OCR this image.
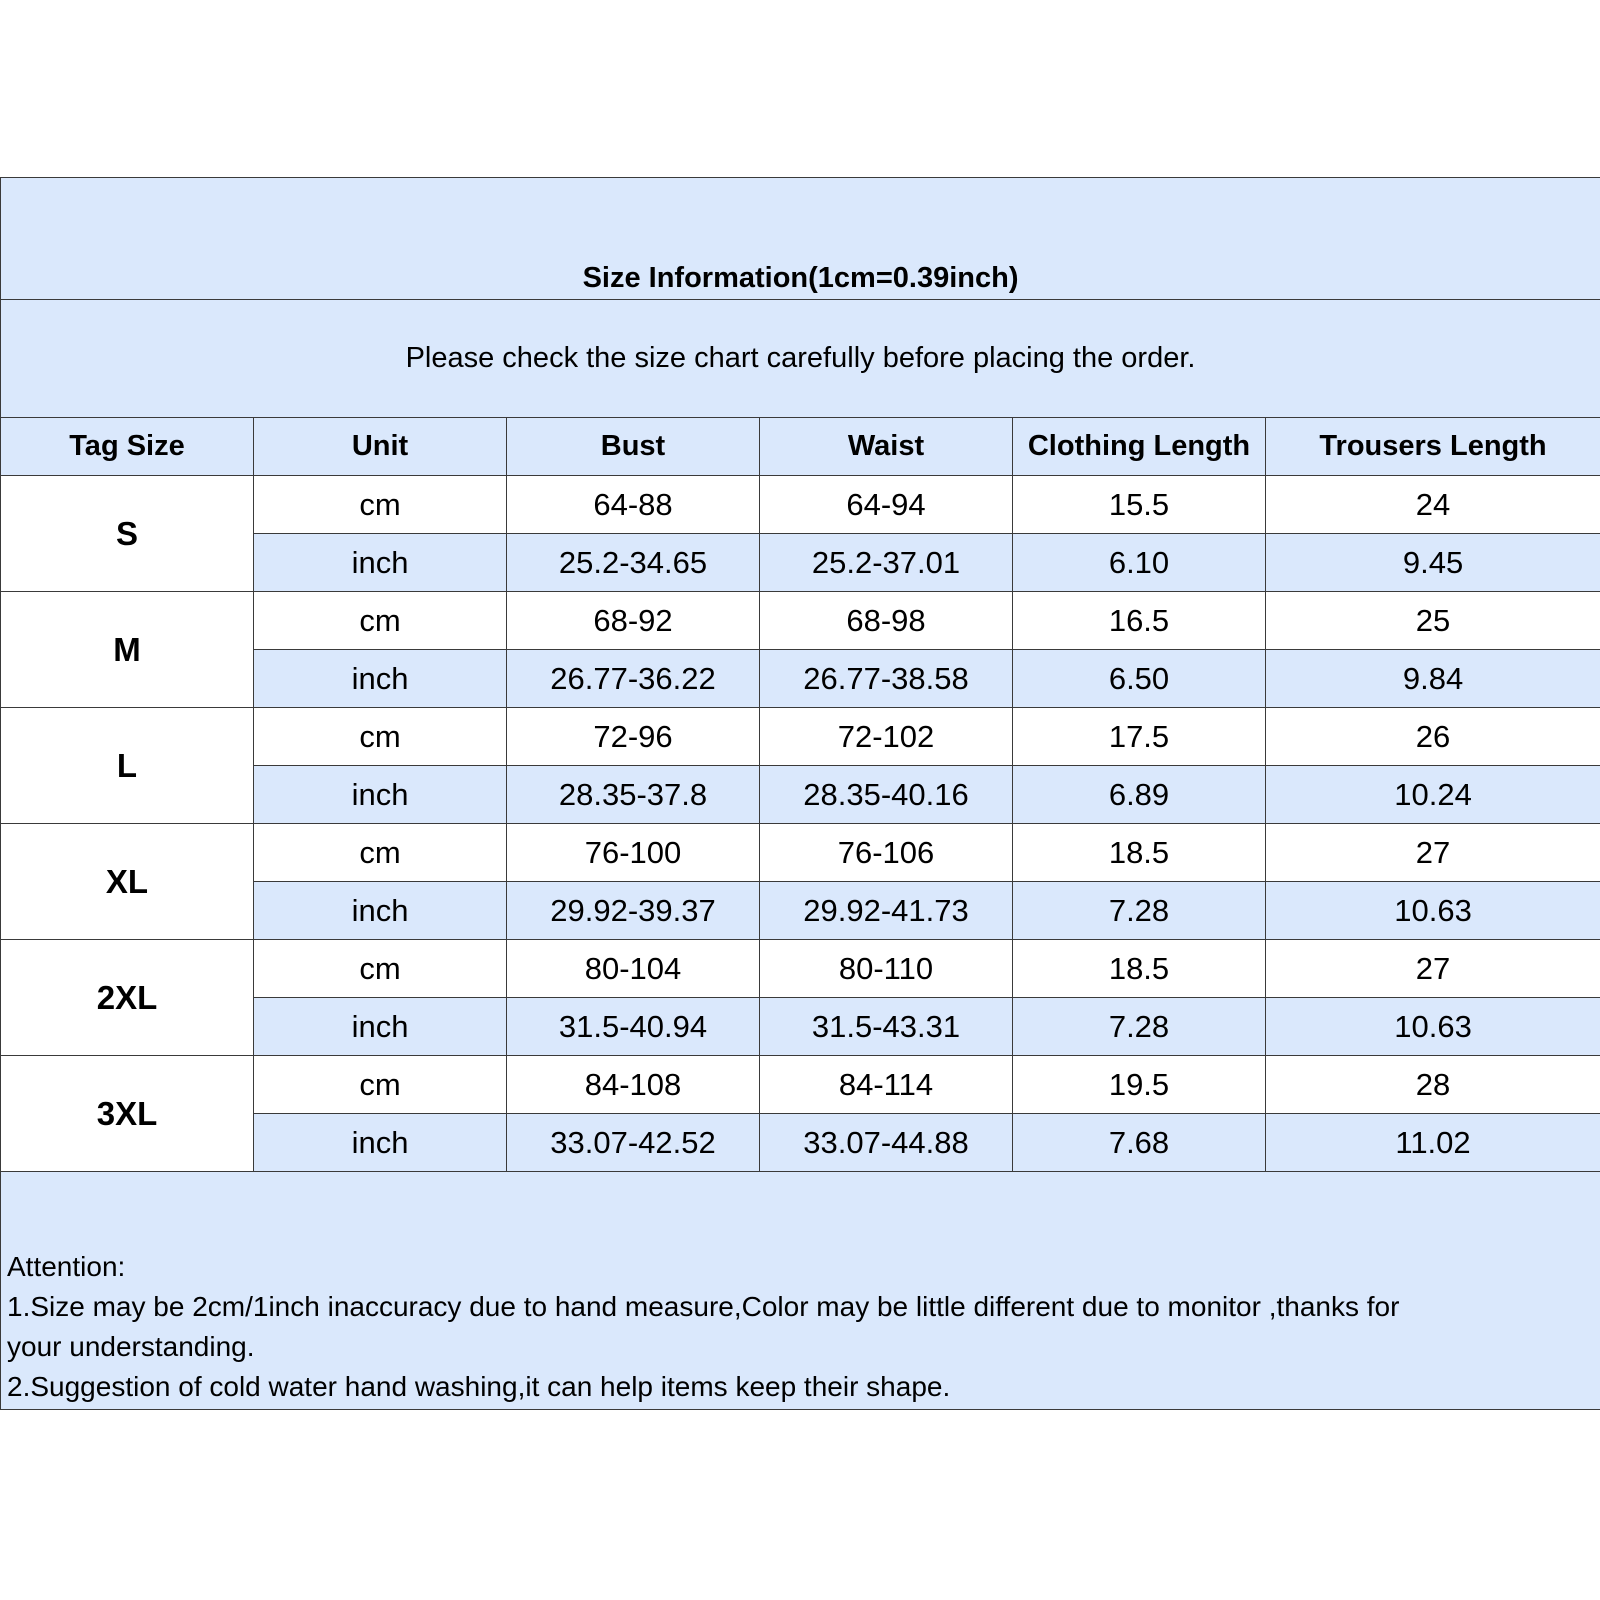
Size Information(1cm=0.39inch)					
Please check the size chart carefully before placing the order.					
Tag Size	Unit	Bust	Waist	Clothing Length	Trousers Length
S	cm	64-88	64-94	15.5	24
	inch	25.2-34.65	25.2-37.01	6.10	9.45
M	cm	68-92	68-98	16.5	25
	inch	26.77-36.22	26.77-38.58	6.50	9.84
L	cm	72-96	72-102	17.5	26
	inch	28.35-37.8	28.35-40.16	6.89	10.24
XL	cm	76-100	76-106	18.5	27
	inch	29.92-39.37	29.92-41.73	7.28	10.63
2XL	cm	80-104	80-110	18.5	27
	inch	31.5-40.94	31.5-43.31	7.28	10.63
3XL	cm	84-108	84-114	19.5	28
	inch	33.07-42.52	33.07-44.88	7.68	11.02

Attention:
1.Size may be 2cm/1inch inaccuracy due to hand measure,Color may be little different due to monitor ,thanks for
your understanding.
2.Suggestion of cold water hand washing,it can help items keep their shape.					
